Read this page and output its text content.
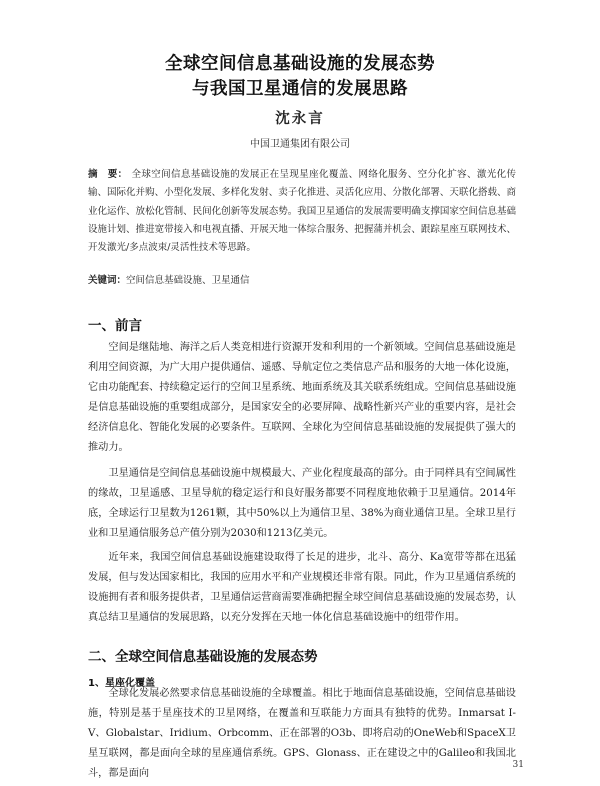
全球空间信息基础设施的发展态势
与我国卫星通信的发展思路
沈永言
中国卫通集团有限公司
摘　要： 全球空间信息基础设施的发展正在呈现星座化覆盖、网络化服务、空分化扩容、激光化传输、国际化并购、小型化发展、多样化发射、卖子化推进、灵活化应用、分散化部署、天联化搭载、商业化运作、放松化管制、民间化创新等发展态势。我国卫星通信的发展需要明确支撑国家空间信息基础设施计划、推进宽带接入和电视直播、开展天地一体综合服务、把握蒲并机会、跟踪星座互联网技术、开发激光/多点波束/灵活性技术等思路。
关键词：空间信息基础设施、卫星通信
一、前言

空间是继陆地、海洋之后人类竞相进行资源开发和利用的一个新领域。空间信息基础设施是利用空间资源，为广大用户提供通信、遥感、导航定位之类信息产品和服务的大地一体化设施，它由功能配套、持续稳定运行的空间卫星系统、地面系统及其关联系统组成。空间信息基础设施是信息基础设施的重要组成部分，是国家安全的必要屏障、战略性新兴产业的重要内容，是社会经济信息化、智能化发展的必要条件。互联网、全球化为空间信息基础设施的发展提供了强大的推动力。

卫星通信是空间信息基础设施中规模最大、产业化程度最高的部分。由于同样具有空间属性的缘故，卫星遥感、卫星导航的稳定运行和良好服务都要不同程度地依赖于卫星通信。2014年底，全球运行卫星数为1261颗，其中50%以上为通信卫星、38%为商业通信卫星。全球卫星行业和卫星通信服务总产值分别为2030和1213亿美元。

近年来，我国空间信息基础设施建设取得了长足的进步，北斗、高分、Ka宽带等都在迅猛发展，但与发达国家相比，我国的应用水平和产业规模还非常有限。同此，作为卫星通信系统的设施拥有者和服务提供者，卫星通信运营商需要准确把握全球空间信息基础设施的发展态势，认真总结卫星通信的发展思路，以充分发挥在天地一体化信息基础设施中的纽带作用。

二、全球空间信息基础设施的发展态势
1、星座化覆盖

全球化发展必然要求信息基础设施的全球覆盖。相比于地面信息基础设施，空间信息基础设施，特别是基于星座技术的卫星网络，在覆盖和互联能力方面具有独特的优势。Inmarsat I-V、Globalstar、Iridium、Orbcomm、正在部署的O3b、即将启动的OneWeb和SpaceX卫星互联网，都是面向全球的星座通信系统。GPS、Glonass、正在建设之中的Galileo和我国北斗，都是面向

31
